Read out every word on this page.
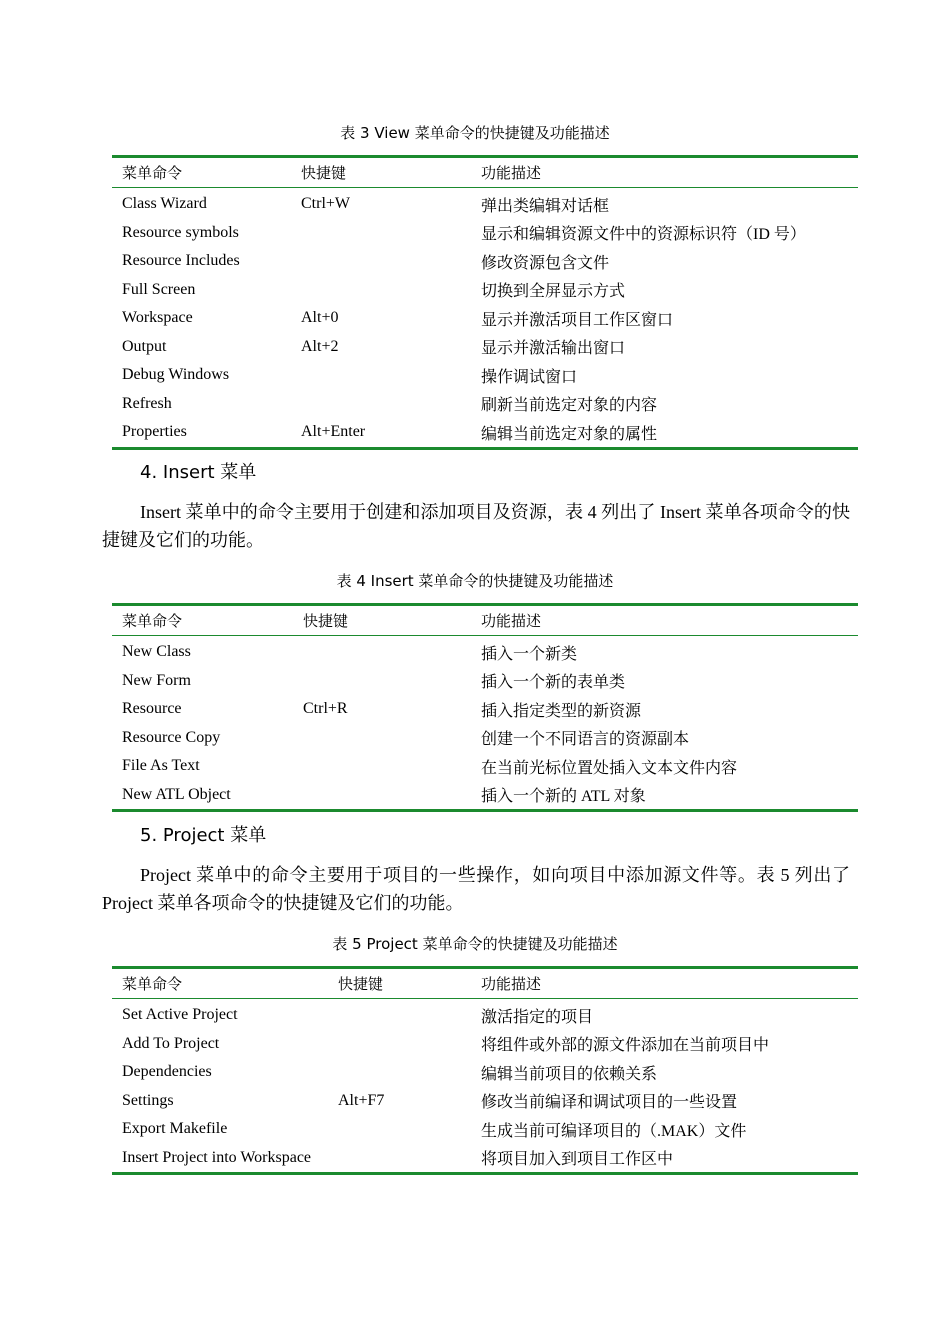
表 3 View 菜单命令的快捷键及功能描述
菜单命令	快捷键	功能描述
Class Wizard	Ctrl+W	弹出类编辑对话框
Resource symbols		显示和编辑资源文件中的资源标识符（ID 号）
Resource Includes		修改资源包含文件
Full Screen		切换到全屏显示方式
Workspace	Alt+0	显示并激活项目工作区窗口
Output	Alt+2	显示并激活输出窗口
Debug Windows		操作调试窗口
Refresh		刷新当前选定对象的内容
Properties	Alt+Enter	编辑当前选定对象的属性
4. Insert 菜单

Insert 菜单中的命令主要用于创建和添加项目及资源，表 4 列出了 Insert 菜单各项命令的快捷键及它们的功能。

表 4 Insert 菜单命令的快捷键及功能描述
菜单命令	快捷键	功能描述
New Class		插入一个新类
New Form		插入一个新的表单类
Resource	Ctrl+R	插入指定类型的新资源
Resource Copy		创建一个不同语言的资源副本
File As Text		在当前光标位置处插入文本文件内容
New ATL Object		插入一个新的 ATL 对象
5. Project 菜单

Project 菜单中的命令主要用于项目的一些操作，如向项目中添加源文件等。表 5 列出了 Project 菜单各项命令的快捷键及它们的功能。

表 5 Project 菜单命令的快捷键及功能描述
菜单命令	快捷键	功能描述
Set Active Project		激活指定的项目
Add To Project		将组件或外部的源文件添加在当前项目中
Dependencies		编辑当前项目的依赖关系
Settings	Alt+F7	修改当前编译和调试项目的一些设置
Export Makefile		生成当前可编译项目的（.MAK）文件
Insert Project into Workspace		将项目加入到项目工作区中
